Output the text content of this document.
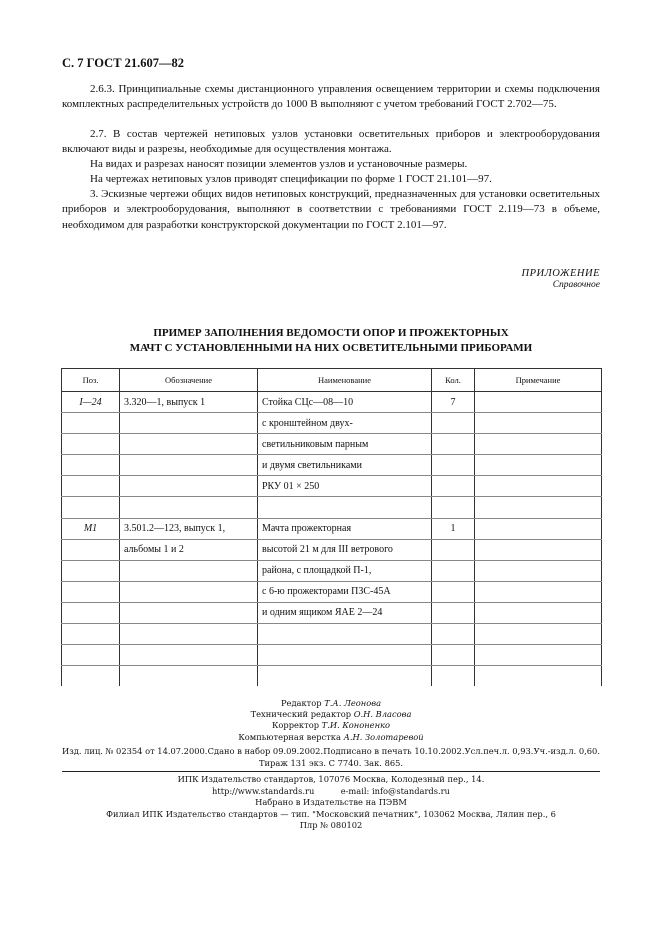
С. 7 ГОСТ 21.607—82

2.6.3. Принципиальные схемы дистанционного управления освещением территории и схемы подключения комплектных распределительных устройств до 1000 В выполняют с учетом требований ГОСТ 2.702—75.

2.7. В состав чертежей нетиповых узлов установки осветительных приборов и электрооборудования включают виды и разрезы, необходимые для осуществления монтажа.

На видах и разрезах наносят позиции элементов узлов и установочные размеры.

На чертежах нетиповых узлов приводят спецификации по форме 1 ГОСТ 21.101—97.

3. Эскизные чертежи общих видов нетиповых конструкций, предназначенных для установки осветительных приборов и электрооборудования, выполняют в соответствии с требованиями ГОСТ 2.119—73 в объеме, необходимом для разработки конструкторской документации по ГОСТ 2.101—97.

ПРИЛОЖЕНИЕ
Справочное
ПРИМЕР ЗАПОЛНЕНИЯ ВЕДОМОСТИ ОПОР И ПРОЖЕКТОРНЫХ
МАЧТ С УСТАНОВЛЕННЫМИ НА НИХ ОСВЕТИТЕЛЬНЫМИ ПРИБОРАМИ
Поз.	Обозначение	Наименование	Кол.	Примечание
I—24	3.320—1, выпуск 1	Стойка СЦс—08—10	7	
		с кронштейном двух-		
		светильниковым парным		
		и двумя светильниками		
		РКУ 01 × 250		

M1	3.501.2—123, выпуск 1,	Мачта прожекторная	1	
	альбомы 1 и 2	высотой 21 м для III ветрового		
		района, с площадкой П-1,		
		с 6-ю прожекторами ПЗС-45А		
		и одним ящиком ЯАЕ 2—24		

Редактор Т.А. Леонова
Технический редактор О.Н. Власова
Корректор Т.И. Кононенко
Компьютерная верстка А.Н. Золотаревой
Изд. лиц. № 02354 от 14.07.2000. Сдано в набор 09.09.2002. Подписано в печать 10.10.2002. Усл.печ.л. 0,93. Уч.-изд.л. 0,60.
Тираж 131 экз. С 7740. Зак. 865.
ИПК Издательство стандартов, 107076 Москва, Колодезный пер., 14.
http://www.standards.ru          e-mail: info@standards.ru
Набрано в Издательстве на ПЭВМ
Филиал ИПК Издательство стандартов — тип. "Московский печатник", 103062 Москва, Лялин пер., 6
Плр № 080102
